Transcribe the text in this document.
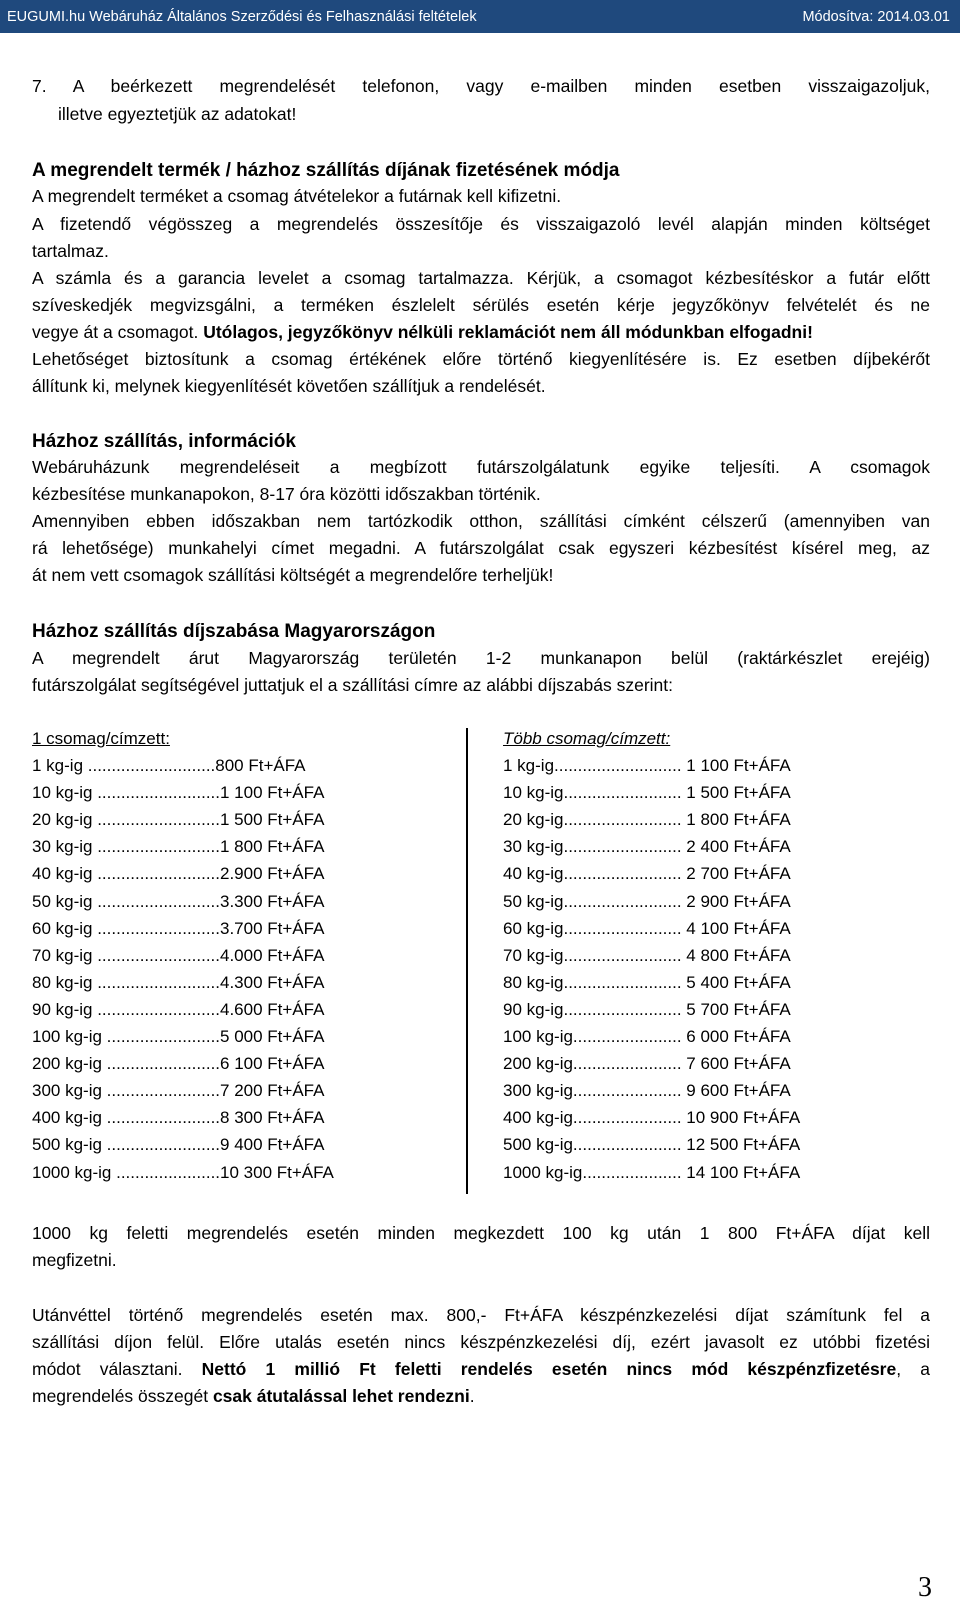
EUGUMI.hu Webáruház Általános Szerződési és Felhasználási feltételek	Módosítva: 2014.03.01

7. A beérkezett megrendelését telefonon, vagy e-mailben minden esetben visszaigazoljuk,

illetve egyeztetjük az adatokat!

A megrendelt termék / házhoz szállítás díjának fizetésének módja

A megrendelt terméket a csomag átvételekor a futárnak kell kifizetni.

A fizetendő végösszeg a megrendelés összesítője és visszaigazoló levél alapján minden költséget

tartalmaz.

A számla és a garancia levelet a csomag tartalmazza. Kérjük, a csomagot kézbesítéskor a futár előtt

szíveskedjék megvizsgálni, a terméken észlelelt sérülés esetén kérje jegyzőkönyv felvételét és ne

vegye át a csomagot. Utólagos, jegyzőkönyv nélküli reklamációt nem áll módunkban elfogadni!

Lehetőséget biztosítunk a csomag értékének előre történő kiegyenlítésére is. Ez esetben díjbekérőt

állítunk ki, melynek kiegyenlítését követően szállítjuk a rendelését.

Házhoz szállítás, információk

Webáruházunk megrendeléseit a megbízott futárszolgálatunk egyike teljesíti. A csomagok

kézbesítése munkanapokon, 8-17 óra közötti időszakban történik.

Amennyiben ebben időszakban nem tartózkodik otthon, szállítási címként célszerű (amennyiben van

rá lehetősége) munkahelyi címet megadni. A futárszolgálat csak egyszeri kézbesítést kísérel meg, az

át nem vett csomagok szállítási költségét a megrendelőre terheljük!

Házhoz szállítás díjszabása Magyarországon

A megrendelt árut Magyarország területén 1-2 munkanapon belül (raktárkészlet erejéig)

futárszolgálat segítségével juttatjuk el a szállítási címre az alábbi díjszabás szerint:

1 csomag/címzett:
1 kg-ig ...........................800 Ft+ÁFA
10 kg-ig ..........................1 100 Ft+ÁFA
20 kg-ig ..........................1 500 Ft+ÁFA
30 kg-ig ..........................1 800 Ft+ÁFA
40 kg-ig ..........................2.900 Ft+ÁFA
50 kg-ig ..........................3.300 Ft+ÁFA
60 kg-ig ..........................3.700 Ft+ÁFA
70 kg-ig ..........................4.000 Ft+ÁFA
80 kg-ig ..........................4.300 Ft+ÁFA
90 kg-ig ..........................4.600 Ft+ÁFA
100 kg-ig ........................5 000 Ft+ÁFA
200 kg-ig ........................6 100 Ft+ÁFA
300 kg-ig ........................7 200 Ft+ÁFA
400 kg-ig ........................8 300 Ft+ÁFA
500 kg-ig ........................9 400 Ft+ÁFA
1000 kg-ig ......................10 300 Ft+ÁFA
Több csomag/címzett:
1 kg-ig........................... 1 100 Ft+ÁFA
10 kg-ig......................... 1 500 Ft+ÁFA
20 kg-ig......................... 1 800 Ft+ÁFA
30 kg-ig......................... 2 400 Ft+ÁFA
40 kg-ig......................... 2 700 Ft+ÁFA
50 kg-ig......................... 2 900 Ft+ÁFA
60 kg-ig......................... 4 100 Ft+ÁFA
70 kg-ig......................... 4 800 Ft+ÁFA
80 kg-ig......................... 5 400 Ft+ÁFA
90 kg-ig......................... 5 700 Ft+ÁFA
100 kg-ig....................... 6 000 Ft+ÁFA
200 kg-ig....................... 7 600 Ft+ÁFA
300 kg-ig....................... 9 600 Ft+ÁFA
400 kg-ig....................... 10 900 Ft+ÁFA
500 kg-ig....................... 12 500 Ft+ÁFA
1000 kg-ig..................... 14 100 Ft+ÁFA

1000 kg feletti megrendelés esetén minden megkezdett 100 kg után 1 800 Ft+ÁFA díjat kell

megfizetni.

Utánvéttel történő megrendelés esetén max. 800,- Ft+ÁFA készpénzkezelési díjat számítunk fel a

szállítási díjon felül. Előre utalás esetén nincs készpénzkezelési díj, ezért javasolt ez utóbbi fizetési

módot választani. Nettó 1 millió Ft feletti rendelés esetén nincs mód készpénzfizetésre, a

megrendelés összegét csak átutalással lehet rendezni.

3
